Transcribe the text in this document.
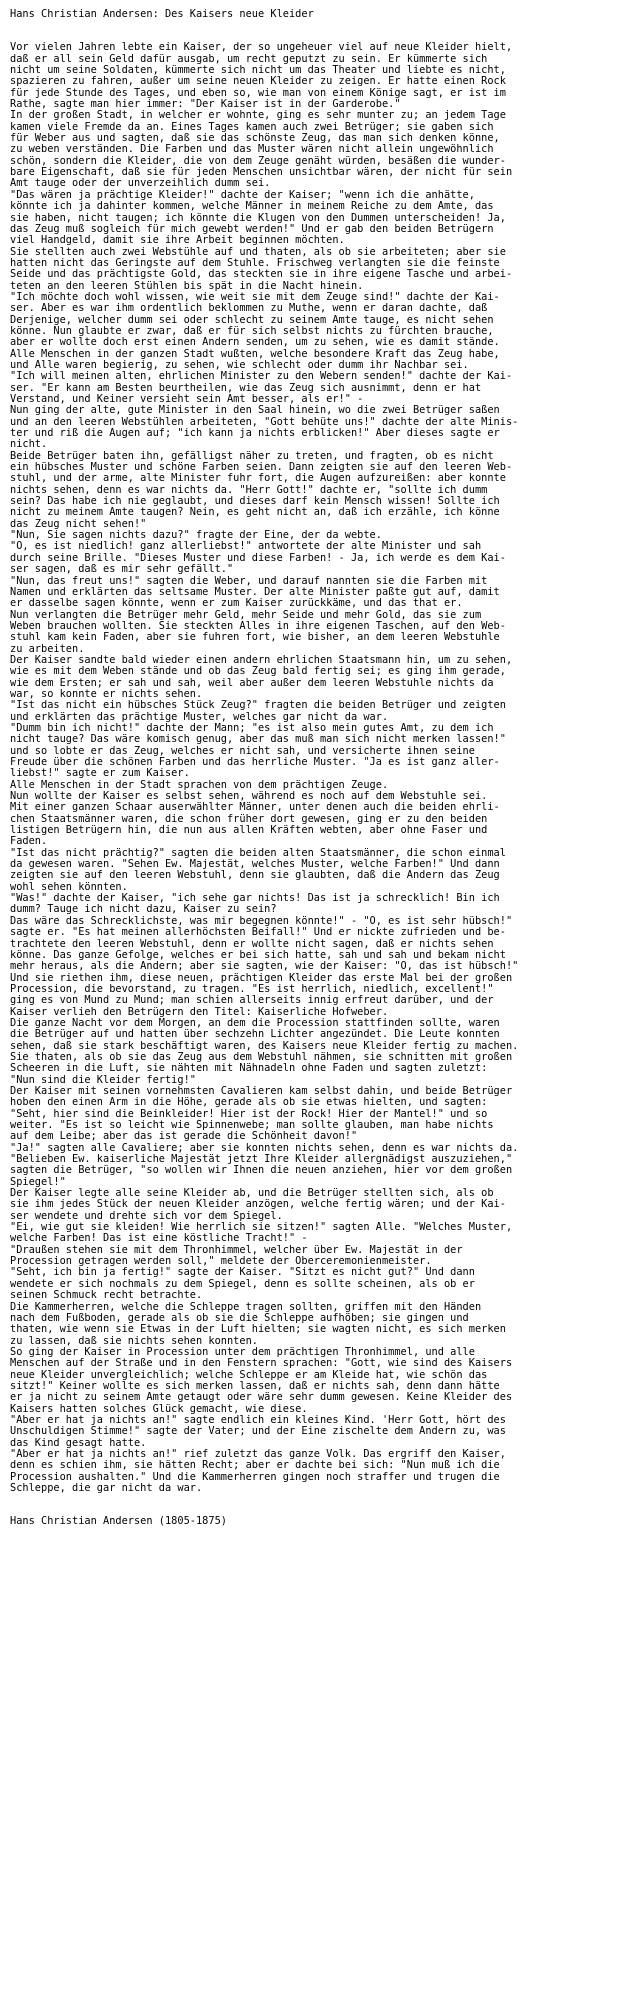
Hans Christian Andersen: Des Kaisers neue Kleider

Vor vielen Jahren lebte ein Kaiser, der so ungeheuer viel auf neue Kleider hielt,
daß er all sein Geld dafür ausgab, um recht geputzt zu sein. Er kümmerte sich
nicht um seine Soldaten, kümmerte sich nicht um das Theater und liebte es nicht,
spazieren zu fahren, außer um seine neuen Kleider zu zeigen. Er hatte einen Rock
für jede Stunde des Tages, und eben so, wie man von einem Könige sagt, er ist im
Rathe, sagte man hier immer: "Der Kaiser ist in der Garderobe."

In der großen Stadt, in welcher er wohnte, ging es sehr munter zu; an jedem Tage
kamen viele Fremde da an. Eines Tages kamen auch zwei Betrüger; sie gaben sich
für Weber aus und sagten, daß sie das schönste Zeug, das man sich denken könne,
zu weben verständen. Die Farben und das Muster wären nicht allein ungewöhnlich
schön, sondern die Kleider, die von dem Zeuge genäht würden, besäßen die wunder-
bare Eigenschaft, daß sie für jeden Menschen unsichtbar wären, der nicht für sein
Amt tauge oder der unverzeihlich dumm sei.

"Das wären ja prächtige Kleider!" dachte der Kaiser; "wenn ich die anhätte,
könnte ich ja dahinter kommen, welche Männer in meinem Reiche zu dem Amte, das
sie haben, nicht taugen; ich könnte die Klugen von den Dummen unterscheiden! Ja,
das Zeug muß sogleich für mich gewebt werden!" Und er gab den beiden Betrügern
viel Handgeld, damit sie ihre Arbeit beginnen möchten.

Sie stellten auch zwei Webstühle auf und thaten, als ob sie arbeiteten; aber sie
hatten nicht das Geringste auf dem Stuhle. Frischweg verlangten sie die feinste
Seide und das prächtigste Gold, das steckten sie in ihre eigene Tasche und arbei-
teten an den leeren Stühlen bis spät in die Nacht hinein.

"Ich möchte doch wohl wissen, wie weit sie mit dem Zeuge sind!" dachte der Kai-
ser. Aber es war ihm ordentlich beklommen zu Muthe, wenn er daran dachte, daß
Derjenige, welcher dumm sei oder schlecht zu seinem Amte tauge, es nicht sehen
könne. Nun glaubte er zwar, daß er für sich selbst nichts zu fürchten brauche,
aber er wollte doch erst einen Andern senden, um zu sehen, wie es damit stände.
Alle Menschen in der ganzen Stadt wußten, welche besondere Kraft das Zeug habe,
und Alle waren begierig, zu sehen, wie schlecht oder dumm ihr Nachbar sei.

"Ich will meinen alten, ehrlichen Minister zu den Webern senden!" dachte der Kai-
ser. "Er kann am Besten beurtheilen, wie das Zeug sich ausnimmt, denn er hat
Verstand, und Keiner versieht sein Amt besser, als er!" -

Nun ging der alte, gute Minister in den Saal hinein, wo die zwei Betrüger saßen
und an den leeren Webstühlen arbeiteten, "Gott behüte uns!" dachte der alte Minis-
ter und riß die Augen auf; "ich kann ja nichts erblicken!" Aber dieses sagte er
nicht.

Beide Betrüger baten ihn, gefälligst näher zu treten, und fragten, ob es nicht
ein hübsches Muster und schöne Farben seien. Dann zeigten sie auf den leeren Web-
stuhl, und der arme, alte Minister fuhr fort, die Augen aufzureißen: aber konnte
nichts sehen, denn es war nichts da. "Herr Gott!" dachte er, "sollte ich dumm
sein? Das habe ich nie geglaubt, und dieses darf kein Mensch wissen! Sollte ich
nicht zu meinem Amte taugen? Nein, es geht nicht an, daß ich erzähle, ich könne
das Zeug nicht sehen!"

"Nun, Sie sagen nichts dazu?" fragte der Eine, der da webte.

"O, es ist niedlich! ganz allerliebst!" antwortete der alte Minister und sah
durch seine Brille. "Dieses Muster und diese Farben! - Ja, ich werde es dem Kai-
ser sagen, daß es mir sehr gefällt."

"Nun, das freut uns!" sagten die Weber, und darauf nannten sie die Farben mit
Namen und erklärten das seltsame Muster. Der alte Minister paßte gut auf, damit
er dasselbe sagen könnte, wenn er zum Kaiser zurückkäme, und das that er.

Nun verlangten die Betrüger mehr Geld, mehr Seide und mehr Gold, das sie zum
Weben brauchen wollten. Sie steckten Alles in ihre eigenen Taschen, auf den Web-
stuhl kam kein Faden, aber sie fuhren fort, wie bisher, an dem leeren Webstuhle
zu arbeiten.

Der Kaiser sandte bald wieder einen andern ehrlichen Staatsmann hin, um zu sehen,
wie es mit dem Weben stände und ob das Zeug bald fertig sei; es ging ihm gerade,
wie dem Ersten; er sah und sah, weil aber außer dem leeren Webstuhle nichts da
war, so konnte er nichts sehen.

"Ist das nicht ein hübsches Stück Zeug?" fragten die beiden Betrüger und zeigten
und erklärten das prächtige Muster, welches gar nicht da war.

"Dumm bin ich nicht!" dachte der Mann; "es ist also mein gutes Amt, zu dem ich
nicht tauge? Das wäre komisch genug, aber das muß man sich nicht merken lassen!"
und so lobte er das Zeug, welches er nicht sah, und versicherte ihnen seine
Freude über die schönen Farben und das herrliche Muster. "Ja es ist ganz aller-
liebst!" sagte er zum Kaiser.

Alle Menschen in der Stadt sprachen von dem prächtigen Zeuge.

Nun wollte der Kaiser es selbst sehen, während es noch auf dem Webstuhle sei.
Mit einer ganzen Schaar auserwählter Männer, unter denen auch die beiden ehrli-
chen Staatsmänner waren, die schon früher dort gewesen, ging er zu den beiden
listigen Betrügern hin, die nun aus allen Kräften webten, aber ohne Faser und
Faden.

"Ist das nicht prächtig?" sagten die beiden alten Staatsmänner, die schon einmal
da gewesen waren. "Sehen Ew. Majestät, welches Muster, welche Farben!" Und dann
zeigten sie auf den leeren Webstuhl, denn sie glaubten, daß die Andern das Zeug
wohl sehen könnten.

"Was!" dachte der Kaiser, "ich sehe gar nichts! Das ist ja schrecklich! Bin ich
dumm? Tauge ich nicht dazu, Kaiser zu sein?

Das wäre das Schrecklichste, was mir begegnen könnte!" - "O, es ist sehr hübsch!"
sagte er. "Es hat meinen allerhöchsten Beifall!" Und er nickte zufrieden und be-
trachtete den leeren Webstuhl, denn er wollte nicht sagen, daß er nichts sehen
könne. Das ganze Gefolge, welches er bei sich hatte, sah und sah und bekam nicht
mehr heraus, als die Andern; aber sie sagten, wie der Kaiser: "O, das ist hübsch!"
Und sie riethen ihm, diese neuen, prächtigen Kleider das erste Mal bei der großen
Procession, die bevorstand, zu tragen. "Es ist herrlich, niedlich, excellent!"
ging es von Mund zu Mund; man schien allerseits innig erfreut darüber, und der
Kaiser verlieh den Betrügern den Titel: Kaiserliche Hofweber.

Die ganze Nacht vor dem Morgen, an dem die Procession stattfinden sollte, waren
die Betrüger auf und hatten über sechzehn Lichter angezündet. Die Leute konnten
sehen, daß sie stark beschäftigt waren, des Kaisers neue Kleider fertig zu machen.
Sie thaten, als ob sie das Zeug aus dem Webstuhl nähmen, sie schnitten mit großen
Scheeren in die Luft, sie nähten mit Nähnadeln ohne Faden und sagten zuletzt:
"Nun sind die Kleider fertig!"

Der Kaiser mit seinen vornehmsten Cavalieren kam selbst dahin, und beide Betrüger
hoben den einen Arm in die Höhe, gerade als ob sie etwas hielten, und sagten:
"Seht, hier sind die Beinkleider! Hier ist der Rock! Hier der Mantel!" und so
weiter. "Es ist so leicht wie Spinnenwebe; man sollte glauben, man habe nichts
auf dem Leibe; aber das ist gerade die Schönheit davon!"

"Ja!" sagten alle Cavaliere; aber sie konnten nichts sehen, denn es war nichts da.

"Belieben Ew. kaiserliche Majestät jetzt Ihre Kleider allergnädigst auszuziehen,"
sagten die Betrüger, "so wollen wir Ihnen die neuen anziehen, hier vor dem großen
Spiegel!"

Der Kaiser legte alle seine Kleider ab, und die Betrüger stellten sich, als ob
sie ihm jedes Stück der neuen Kleider anzögen, welche fertig wären; und der Kai-
ser wendete und drehte sich vor dem Spiegel.

"Ei, wie gut sie kleiden! Wie herrlich sie sitzen!" sagten Alle. "Welches Muster,
welche Farben! Das ist eine köstliche Tracht!" -

"Draußen stehen sie mit dem Thronhimmel, welcher über Ew. Majestät in der
Procession getragen werden soll," meldete der Oberceremonienmeister.

"Seht, ich bin ja fertig!" sagte der Kaiser. "Sitzt es nicht gut?" Und dann
wendete er sich nochmals zu dem Spiegel, denn es sollte scheinen, als ob er
seinen Schmuck recht betrachte.

Die Kammerherren, welche die Schleppe tragen sollten, griffen mit den Händen
nach dem Fußboden, gerade als ob sie die Schleppe aufhöben; sie gingen und
thaten, wie wenn sie Etwas in der Luft hielten; sie wagten nicht, es sich merken
zu lassen, daß sie nichts sehen konnten.

So ging der Kaiser in Procession unter dem prächtigen Thronhimmel, und alle
Menschen auf der Straße und in den Fenstern sprachen: "Gott, wie sind des Kaisers
neue Kleider unvergleichlich; welche Schleppe er am Kleide hat, wie schön das
sitzt!" Keiner wollte es sich merken lassen, daß er nichts sah, denn dann hätte
er ja nicht zu seinem Amte getaugt oder wäre sehr dumm gewesen. Keine Kleider des
Kaisers hatten solches Glück gemacht, wie diese.

"Aber er hat ja nichts an!" sagte endlich ein kleines Kind. 'Herr Gott, hört des
Unschuldigen Stimme!" sagte der Vater; und der Eine zischelte dem Andern zu, was
das Kind gesagt hatte.

"Aber er hat ja nichts an!" rief zuletzt das ganze Volk. Das ergriff den Kaiser,
denn es schien ihm, sie hätten Recht; aber er dachte bei sich: "Nun muß ich die
Procession aushalten." Und die Kammerherren gingen noch straffer und trugen die
Schleppe, die gar nicht da war.

Hans Christian Andersen (1805-1875)
